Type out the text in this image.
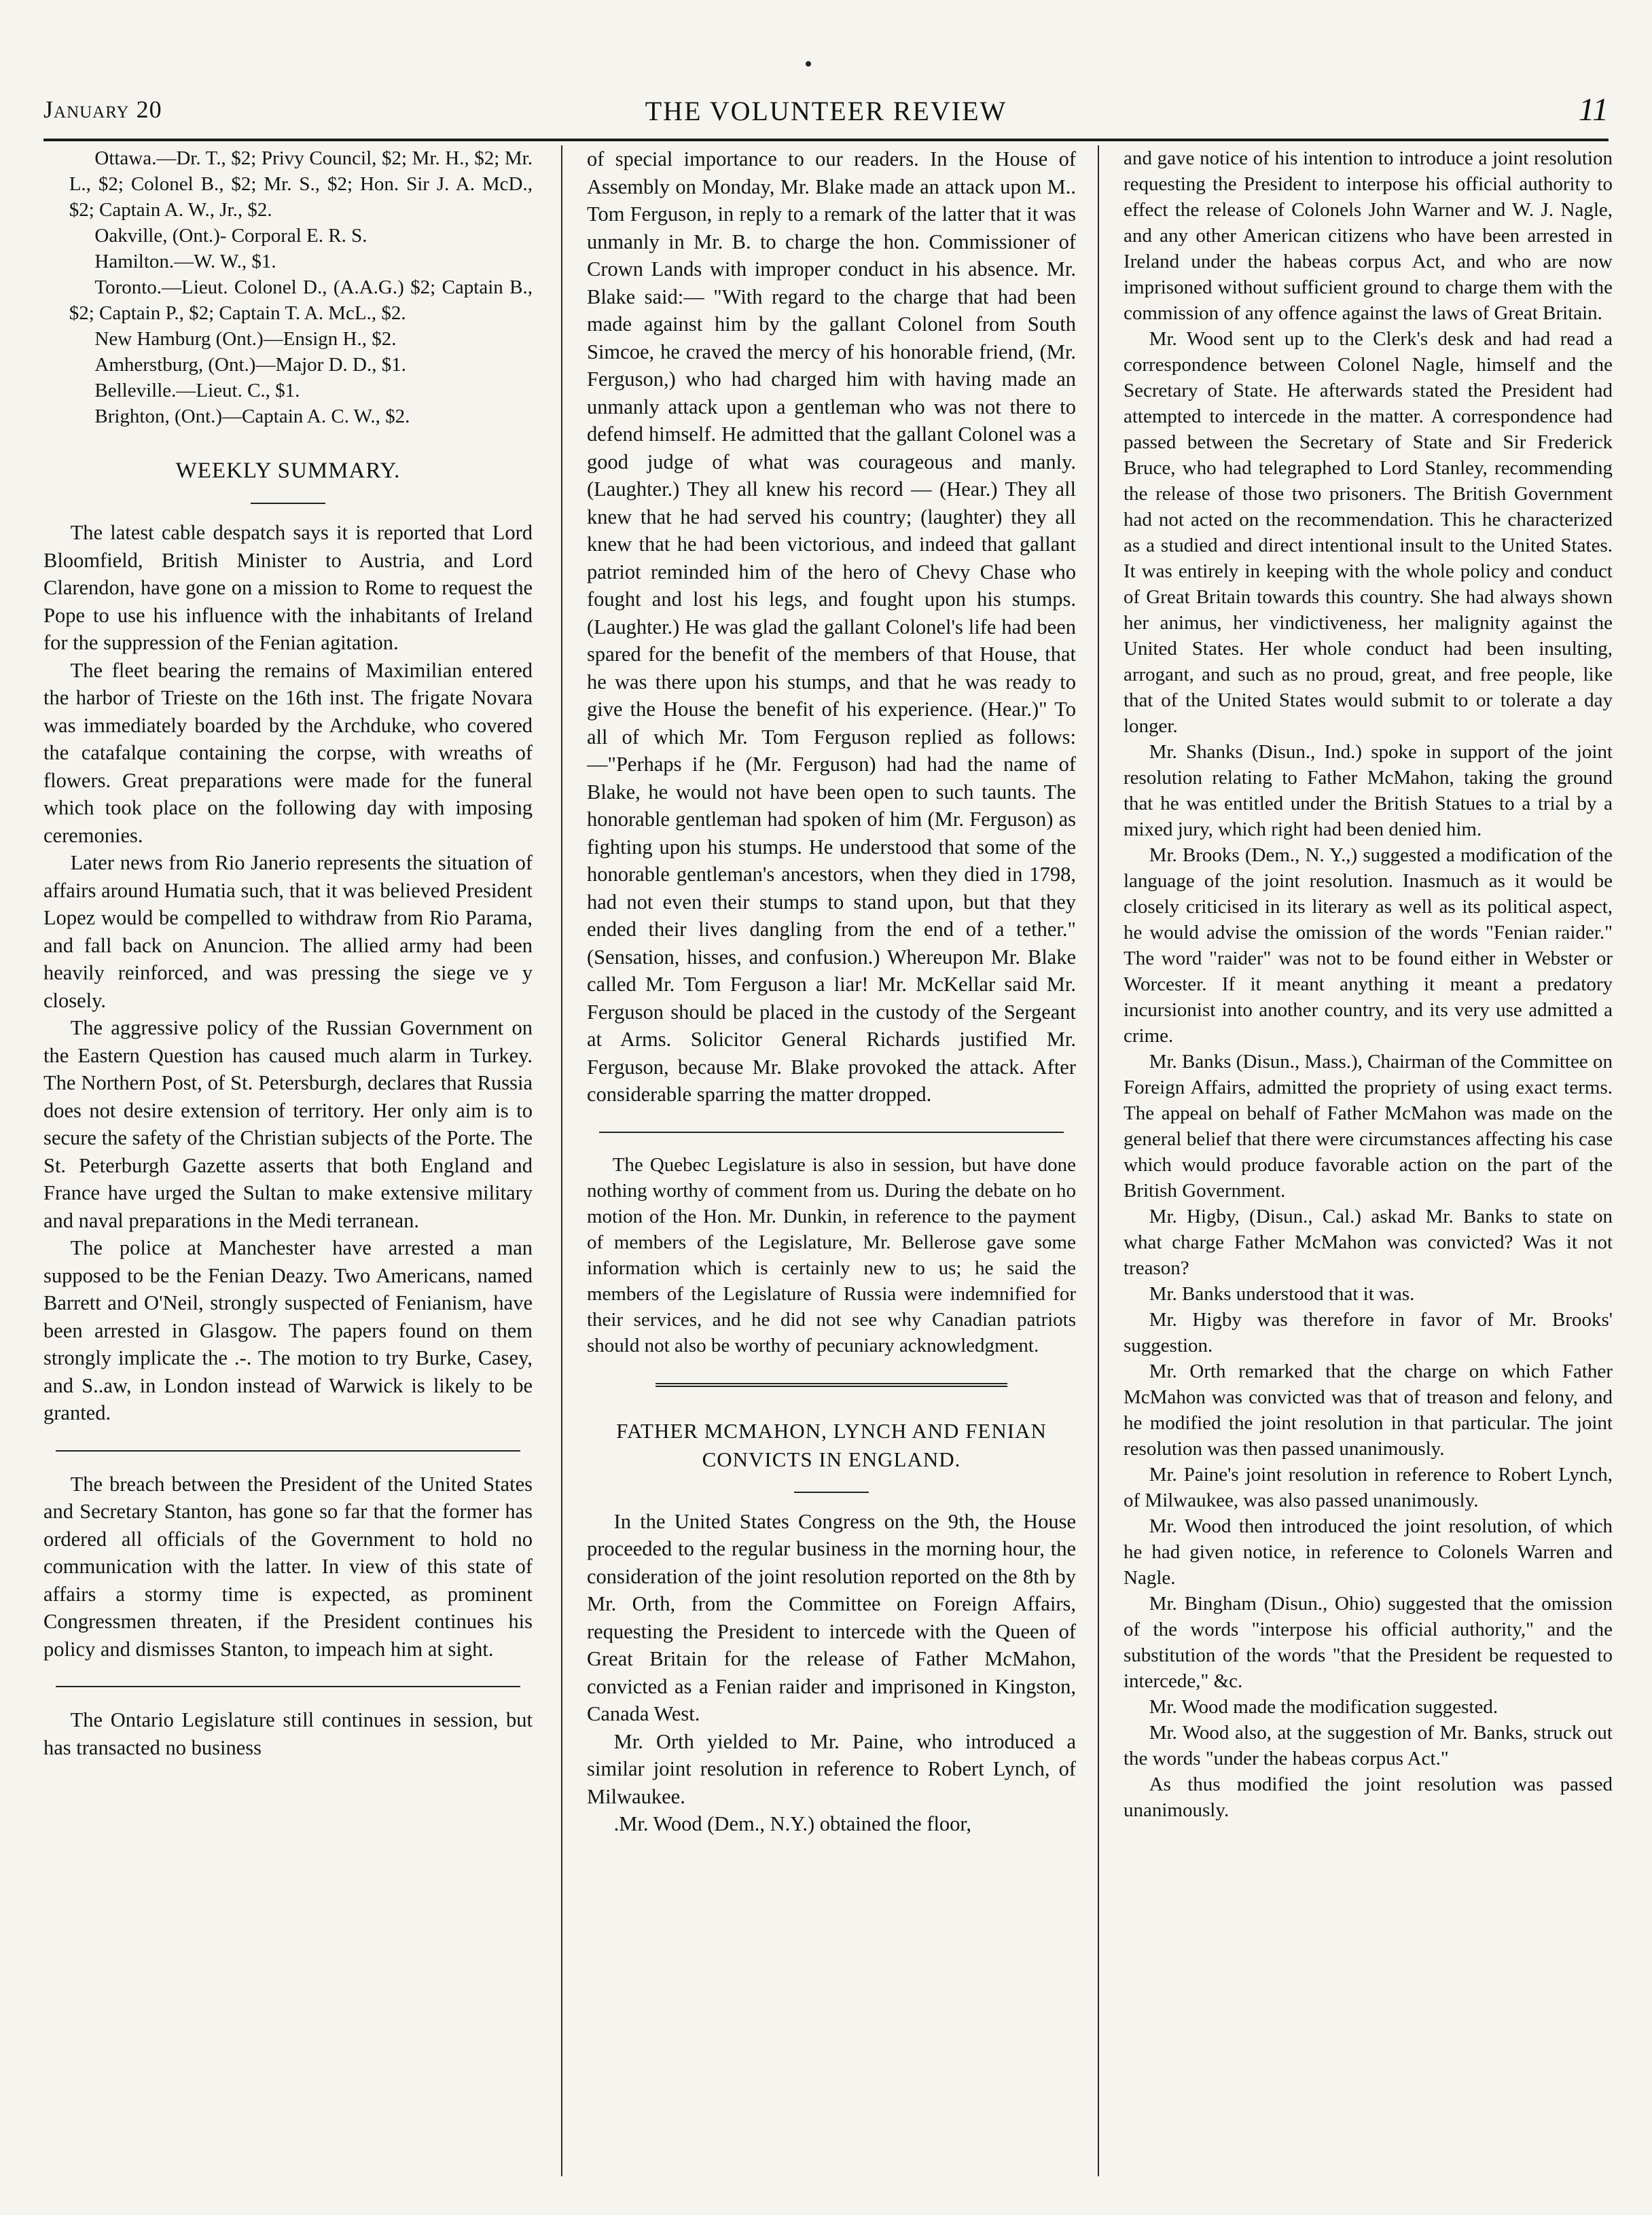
January 20	THE VOLUNTEER REVIEW	11

Ottawa.—Dr. T., $2; Privy Council, $2; Mr. H., $2; Mr. L., $2; Colonel B., $2; Mr. S., $2; Hon. Sir J. A. McD., $2; Captain A. W., Jr., $2.

Oakville, (Ont.)- Corporal E. R. S.

Hamilton.—W. W., $1.

Toronto.—Lieut. Colonel D., (A.A.G.) $2; Captain B., $2; Captain P., $2; Captain T. A. McL., $2.

New Hamburg (Ont.)—Ensign H., $2.

Amherstburg, (Ont.)—Major D. D., $1.

Belleville.—Lieut. C., $1.

Brighton, (Ont.)—Captain A. C. W., $2.

WEEKLY SUMMARY.

The latest cable despatch says it is reported that Lord Bloomfield, British Minister to Austria, and Lord Clarendon, have gone on a mission to Rome to request the Pope to use his influence with the inhabitants of Ireland for the suppression of the Fenian agitation.

The fleet bearing the remains of Maximilian entered the harbor of Trieste on the 16th inst. The frigate Novara was immediately boarded by the Archduke, who covered the catafalque containing the corpse, with wreaths of flowers. Great preparations were made for the funeral which took place on the following day with imposing ceremonies.

Later news from Rio Janerio represents the situation of affairs around Humatia such, that it was believed President Lopez would be compelled to withdraw from Rio Parama, and fall back on Anuncion. The allied army had been heavily reinforced, and was pressing the siege ve y closely.

The aggressive policy of the Russian Government on the Eastern Question has caused much alarm in Turkey. The Northern Post, of St. Petersburgh, declares that Russia does not desire extension of territory. Her only aim is to secure the safety of the Christian subjects of the Porte. The St. Peterburgh Gazette asserts that both England and France have urged the Sultan to make extensive military and naval preparations in the Medi terranean.

The police at Manchester have arrested a man supposed to be the Fenian Deazy. Two Americans, named Barrett and O'Neil, strongly suspected of Fenianism, have been arrested in Glasgow. The papers found on them strongly implicate the .-. The motion to try Burke, Casey, and S..aw, in London instead of Warwick is likely to be granted.

The breach between the President of the United States and Secretary Stanton, has gone so far that the former has ordered all officials of the Government to hold no communication with the latter. In view of this state of affairs a stormy time is expected, as prominent Congressmen threaten, if the President continues his policy and dismisses Stanton, to impeach him at sight.

The Ontario Legislature still continues in session, but has transacted no business

of special importance to our readers. In the House of Assembly on Monday, Mr. Blake made an attack upon M.. Tom Ferguson, in reply to a remark of the latter that it was unmanly in Mr. B. to charge the hon. Commissioner of Crown Lands with improper conduct in his absence. Mr. Blake said:— "With regard to the charge that had been made against him by the gallant Colonel from South Simcoe, he craved the mercy of his honorable friend, (Mr. Ferguson,) who had charged him with having made an unmanly attack upon a gentleman who was not there to defend himself. He admitted that the gallant Colonel was a good judge of what was courageous and manly. (Laughter.) They all knew his record — (Hear.) They all knew that he had served his country; (laughter) they all knew that he had been victorious, and indeed that gallant patriot reminded him of the hero of Chevy Chase who fought and lost his legs, and fought upon his stumps. (Laughter.) He was glad the gallant Colonel's life had been spared for the benefit of the members of that House, that he was there upon his stumps, and that he was ready to give the House the benefit of his experience. (Hear.)" To all of which Mr. Tom Ferguson replied as follows:—"Perhaps if he (Mr. Ferguson) had had the name of Blake, he would not have been open to such taunts. The honorable gentleman had spoken of him (Mr. Ferguson) as fighting upon his stumps. He understood that some of the honorable gentleman's ancestors, when they died in 1798, had not even their stumps to stand upon, but that they ended their lives dangling from the end of a tether." (Sensation, hisses, and confusion.) Whereupon Mr. Blake called Mr. Tom Ferguson a liar! Mr. McKellar said Mr. Ferguson should be placed in the custody of the Sergeant at Arms. Solicitor General Richards justified Mr. Ferguson, because Mr. Blake provoked the attack. After considerable sparring the matter dropped.

The Quebec Legislature is also in session, but have done nothing worthy of comment from us. During the debate on ho motion of the Hon. Mr. Dunkin, in reference to the payment of members of the Legislature, Mr. Bellerose gave some information which is certainly new to us; he said the members of the Legislature of Russia were indemnified for their services, and he did not see why Canadian patriots should not also be worthy of pecuniary acknowledgment.

FATHER MCMAHON, LYNCH AND FENIAN CONVICTS IN ENGLAND.

In the United States Congress on the 9th, the House proceeded to the regular business in the morning hour, the consideration of the joint resolution reported on the 8th by Mr. Orth, from the Committee on Foreign Affairs, requesting the President to intercede with the Queen of Great Britain for the release of Father McMahon, convicted as a Fenian raider and imprisoned in Kingston, Canada West.

Mr. Orth yielded to Mr. Paine, who introduced a similar joint resolution in reference to Robert Lynch, of Milwaukee.

.Mr. Wood (Dem., N.Y.) obtained the floor,

and gave notice of his intention to introduce a joint resolution requesting the President to interpose his official authority to effect the release of Colonels John Warner and W. J. Nagle, and any other American citizens who have been arrested in Ireland under the habeas corpus Act, and who are now imprisoned without sufficient ground to charge them with the commission of any offence against the laws of Great Britain.

Mr. Wood sent up to the Clerk's desk and had read a correspondence between Colonel Nagle, himself and the Secretary of State. He afterwards stated the President had attempted to intercede in the matter. A correspondence had passed between the Secretary of State and Sir Frederick Bruce, who had telegraphed to Lord Stanley, recommending the release of those two prisoners. The British Government had not acted on the recommendation. This he characterized as a studied and direct intentional insult to the United States. It was entirely in keeping with the whole policy and conduct of Great Britain towards this country. She had always shown her animus, her vindictiveness, her malignity against the United States. Her whole conduct had been insulting, arrogant, and such as no proud, great, and free people, like that of the United States would submit to or tolerate a day longer.

Mr. Shanks (Disun., Ind.) spoke in support of the joint resolution relating to Father McMahon, taking the ground that he was entitled under the British Statues to a trial by a mixed jury, which right had been denied him.

Mr. Brooks (Dem., N. Y.,) suggested a modification of the language of the joint resolution. Inasmuch as it would be closely criticised in its literary as well as its political aspect, he would advise the omission of the words "Fenian raider." The word "raider" was not to be found either in Webster or Worcester. If it meant anything it meant a predatory incursionist into another country, and its very use admitted a crime.

Mr. Banks (Disun., Mass.), Chairman of the Committee on Foreign Affairs, admitted the propriety of using exact terms. The appeal on behalf of Father McMahon was made on the general belief that there were circumstances affecting his case which would produce favorable action on the part of the British Government.

Mr. Higby, (Disun., Cal.) askad Mr. Banks to state on what charge Father McMahon was convicted? Was it not treason?

Mr. Banks understood that it was.

Mr. Higby was therefore in favor of Mr. Brooks' suggestion.

Mr. Orth remarked that the charge on which Father McMahon was convicted was that of treason and felony, and he modified the joint resolution in that particular. The joint resolution was then passed unanimously.

Mr. Paine's joint resolution in reference to Robert Lynch, of Milwaukee, was also passed unanimously.

Mr. Wood then introduced the joint resolution, of which he had given notice, in reference to Colonels Warren and Nagle.

Mr. Bingham (Disun., Ohio) suggested that the omission of the words "interpose his official authority," and the substitution of the words "that the President be requested to intercede," &c.

Mr. Wood made the modification suggested.

Mr. Wood also, at the suggestion of Mr. Banks, struck out the words "under the habeas corpus Act."

As thus modified the joint resolution was passed unanimously.
